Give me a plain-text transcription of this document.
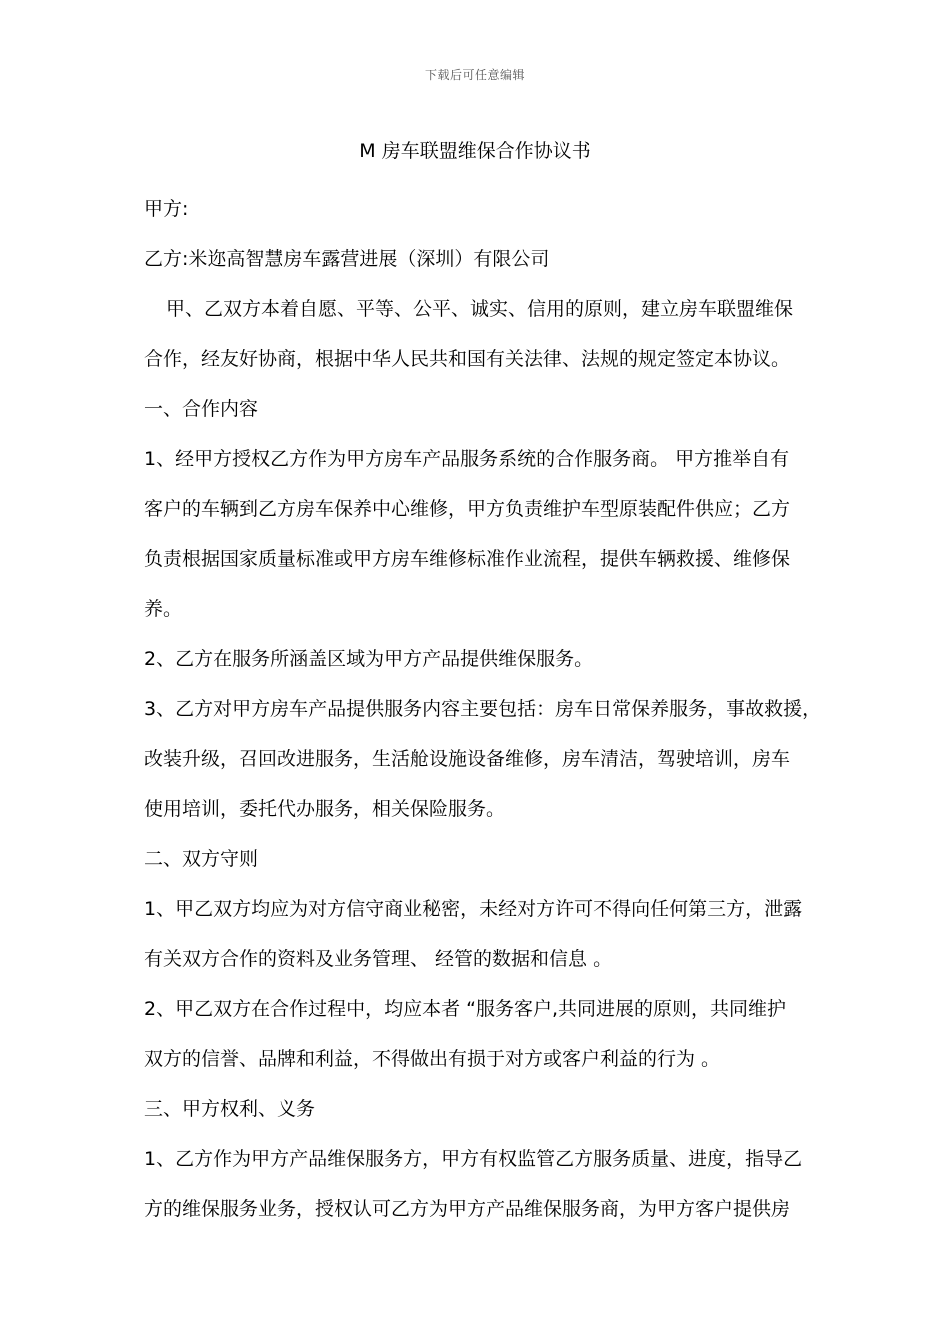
下载后可任意编辑
M 房车联盟维保合作协议书

甲方:

乙方:米迩高智慧房车露营进展（深圳）有限公司

甲、乙双方本着自愿、平等、公平、诚实、信用的原则，建立房车联盟维保

合作，经友好协商，根据中华人民共和国有关法律、法规的规定签定本协议。

一、合作内容

1、经甲方授权乙方作为甲方房车产品服务系统的合作服务商。 甲方推举自有

客户的车辆到乙方房车保养中心维修，甲方负责维护车型原装配件供应；乙方

负责根据国家质量标准或甲方房车维修标准作业流程，提供车辆救援、维修保

养。

2、乙方在服务所涵盖区域为甲方产品提供维保服务。

3、乙方对甲方房车产品提供服务内容主要包括：房车日常保养服务，事故救援，

改装升级，召回改进服务，生活舱设施设备维修，房车清洁，驾驶培训，房车

使用培训，委托代办服务，相关保险服务。

二、双方守则

1、甲乙双方均应为对方信守商业秘密，未经对方许可不得向任何第三方，泄露

有关双方合作的资料及业务管理、 经管的数据和信息 。

2、甲乙双方在合作过程中，均应本者 “服务客户,共同进展的原则，共同维护

双方的信誉、品牌和利益，不得做出有损于对方或客户利益的行为 。

三、甲方权利、义务

1、乙方作为甲方产品维保服务方，甲方有权监管乙方服务质量、进度，指导乙

方的维保服务业务，授权认可乙方为甲方产品维保服务商，为甲方客户提供房
